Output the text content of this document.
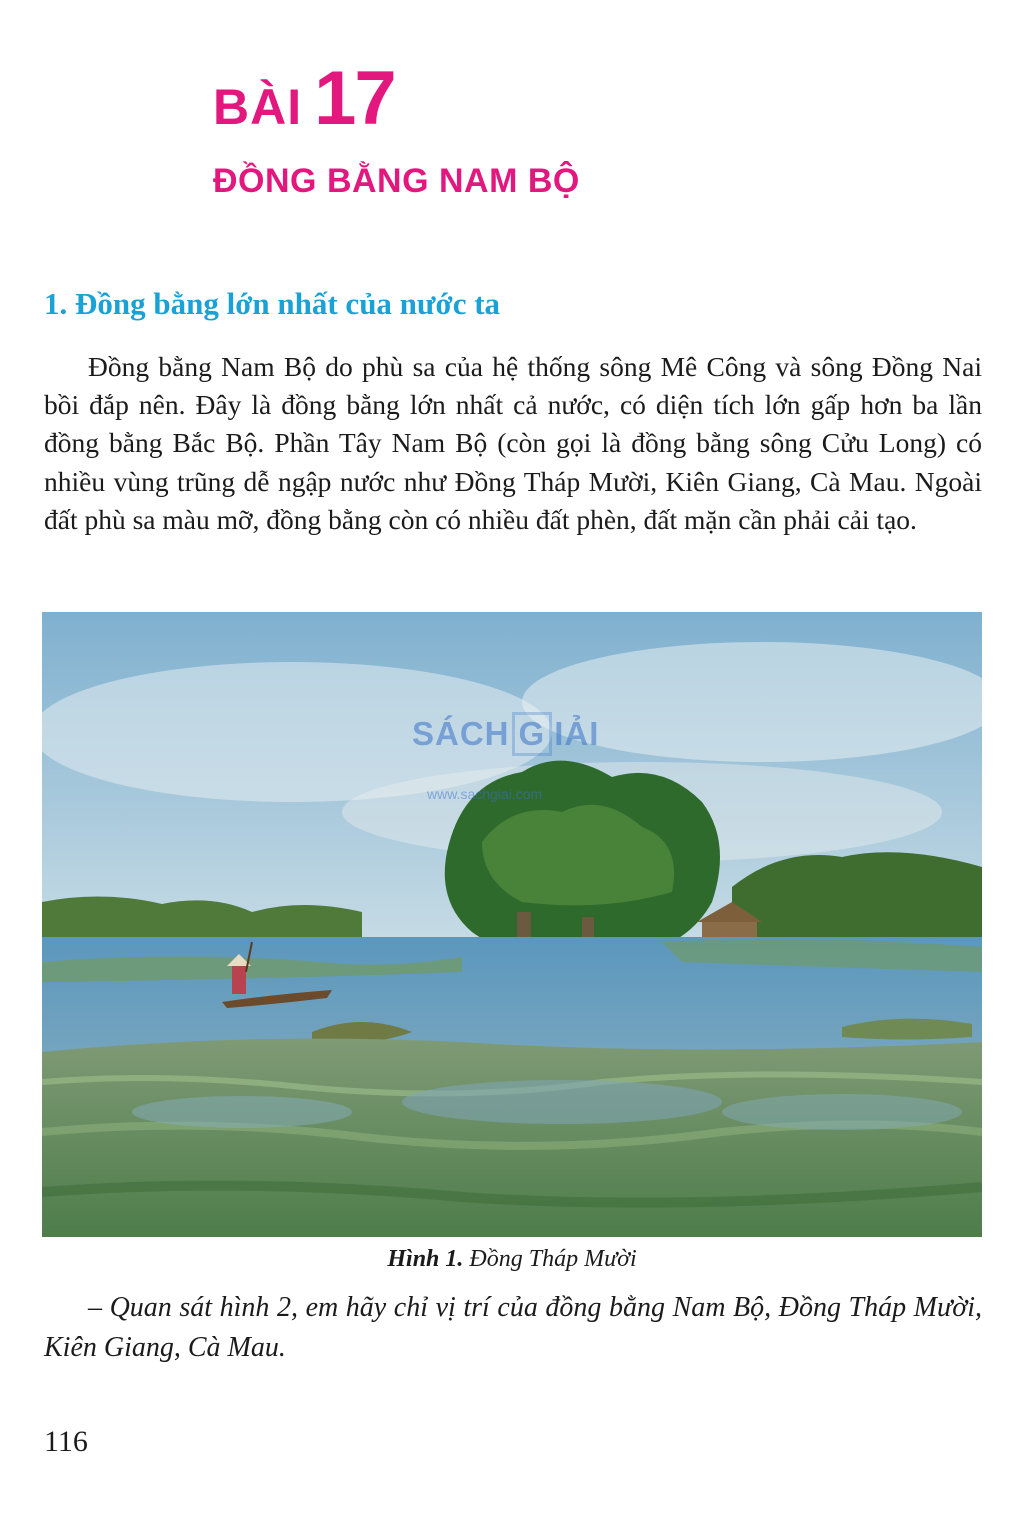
BÀI 17
ĐỒNG BẰNG NAM BỘ
1. Đồng bằng lớn nhất của nước ta

Đồng bằng Nam Bộ do phù sa của hệ thống sông Mê Công và sông Đồng Nai bồi đắp nên. Đây là đồng bằng lớn nhất cả nước, có diện tích lớn gấp hơn ba lần đồng bằng Bắc Bộ. Phần Tây Nam Bộ (còn gọi là đồng bằng sông Cửu Long) có nhiều vùng trũng dễ ngập nước như Đồng Tháp Mười, Kiên Giang, Cà Mau. Ngoài đất phù sa màu mỡ, đồng bằng còn có nhiều đất phèn, đất mặn cần phải cải tạo.

SÁCH G IẢI
www.sachgiai.com
Hình 1. Đồng Tháp Mười

– Quan sát hình 2, em hãy chỉ vị trí của đồng bằng Nam Bộ, Đồng Tháp Mười, Kiên Giang, Cà Mau.

116
